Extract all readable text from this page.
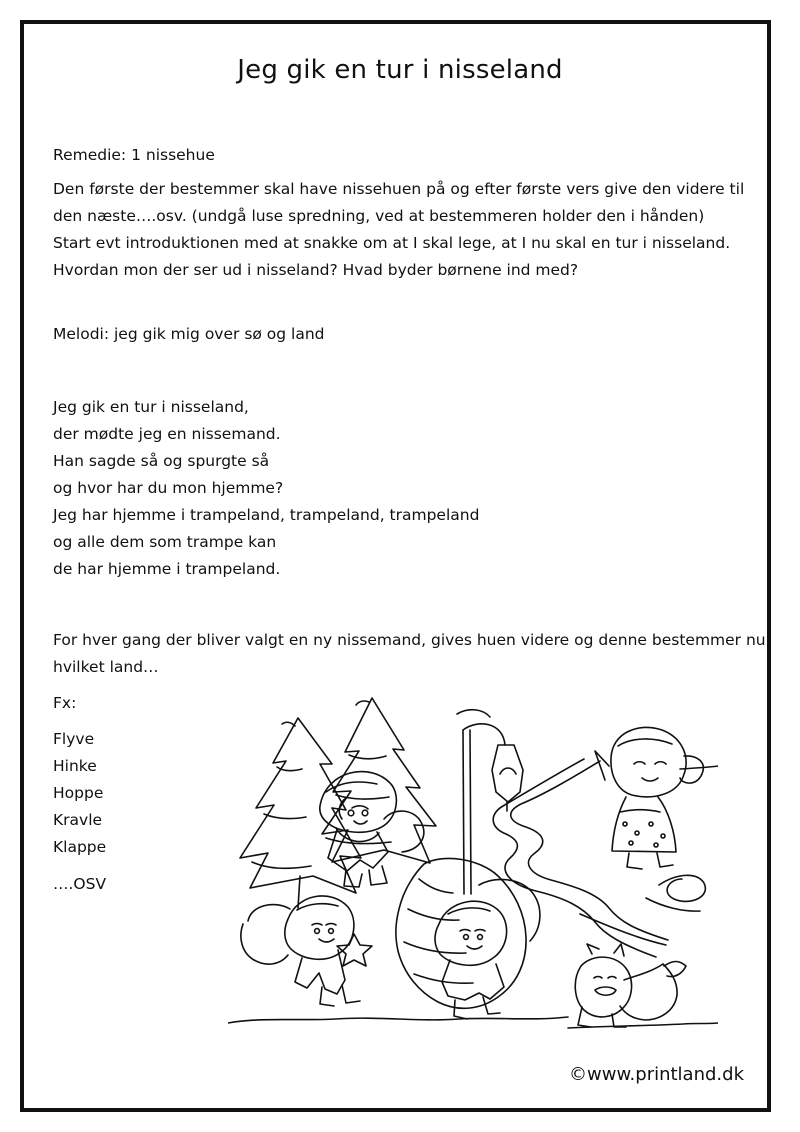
Jeg gik en tur i nisseland
Remedie: 1 nissehue

Den første der bestemmer skal have nissehuen på og efter første vers give den videre til

den næste….osv. (undgå luse spredning, ved at bestemmeren holder den i hånden)

Start evt introduktionen med at snakke om at I skal lege, at I nu skal en tur i nisseland.

Hvordan mon der ser ud i nisseland? Hvad byder børnene ind med?

Melodi: jeg gik mig over sø og land

Jeg gik en tur i nisseland,

der mødte jeg en nissemand.

Han sagde så og spurgte så

og hvor har du mon hjemme?

Jeg har hjemme i trampeland, trampeland, trampeland

og alle dem som trampe kan

de har hjemme i trampeland.

For hver gang der bliver valgt en ny nissemand, gives huen videre og denne bestemmer nu

hvilket land…

Fx:

Flyve

Hinke

Hoppe

Kravle

Klappe

….OSV
©www.printland.dk
